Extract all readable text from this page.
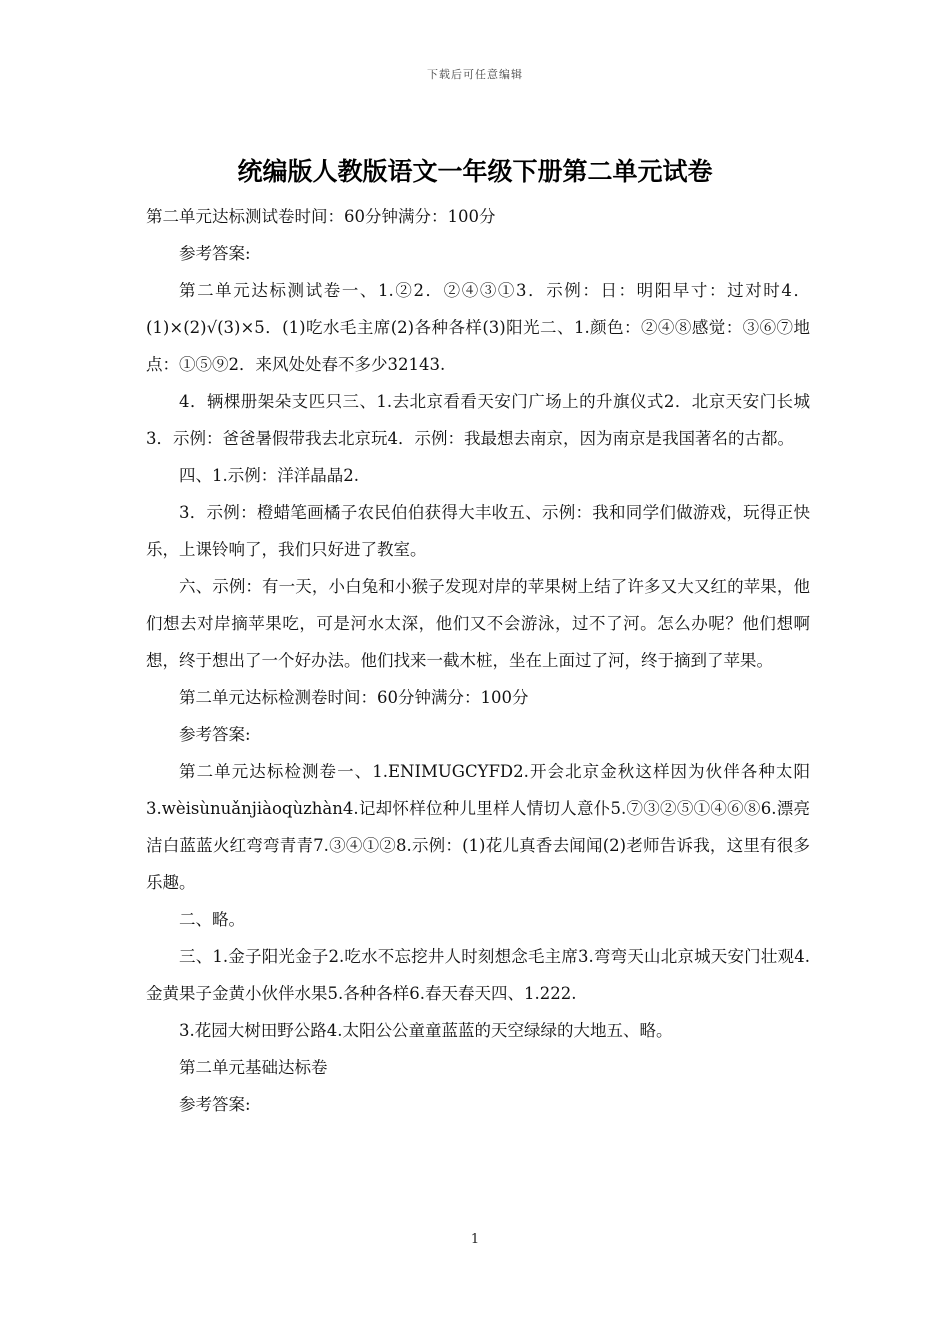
下载后可任意编辑
统编版人教版语文一年级下册第二单元试卷

第二单元达标测试卷时间：60分钟满分：100分

参考答案:

第二单元达标测试卷一、1.②2．②④③①3．示例：日：明阳早寸：过对时4．(1)×(2)√(3)×5．(1)吃水毛主席(2)各种各样(3)阳光二、1.颜色：②④⑧感觉：③⑥⑦地点：①⑤⑨2．来风处处春不多少32143.

4．辆棵册架朵支匹只三、1.去北京看看天安门广场上的升旗仪式2．北京天安门长城3．示例：爸爸暑假带我去北京玩4．示例：我最想去南京，因为南京是我国著名的古都。

四、1.示例：洋洋晶晶2.

3．示例：橙蜡笔画橘子农民伯伯获得大丰收五、示例：我和同学们做游戏，玩得正快乐，上课铃响了，我们只好进了教室。

六、示例：有一天，小白兔和小猴子发现对岸的苹果树上结了许多又大又红的苹果，他们想去对岸摘苹果吃，可是河水太深，他们又不会游泳，过不了河。怎么办呢？他们想啊想，终于想出了一个好办法。他们找来一截木桩，坐在上面过了河，终于摘到了苹果。

第二单元达标检测卷时间：60分钟满分：100分

参考答案:

第二单元达标检测卷一、1.ENIMUGCYFD2.开会北京金秋这样因为伙伴各种太阳3.wèisùnuǎnjiàoqùzhàn4.记却怀样位种儿里样人情切人意仆5.⑦③②⑤①④⑥⑧6.漂亮洁白蓝蓝火红弯弯青青7.③④①②8.示例：(1)花儿真香去闻闻(2)老师告诉我，这里有很多乐趣。

二、略。

三、1.金子阳光金子2.吃水不忘挖井人时刻想念毛主席3.弯弯天山北京城天安门壮观4.金黄果子金黄小伙伴水果5.各种各样6.春天春天四、1.222.

3.花园大树田野公路4.太阳公公童童蓝蓝的天空绿绿的大地五、略。

第二单元基础达标卷

参考答案:

1
